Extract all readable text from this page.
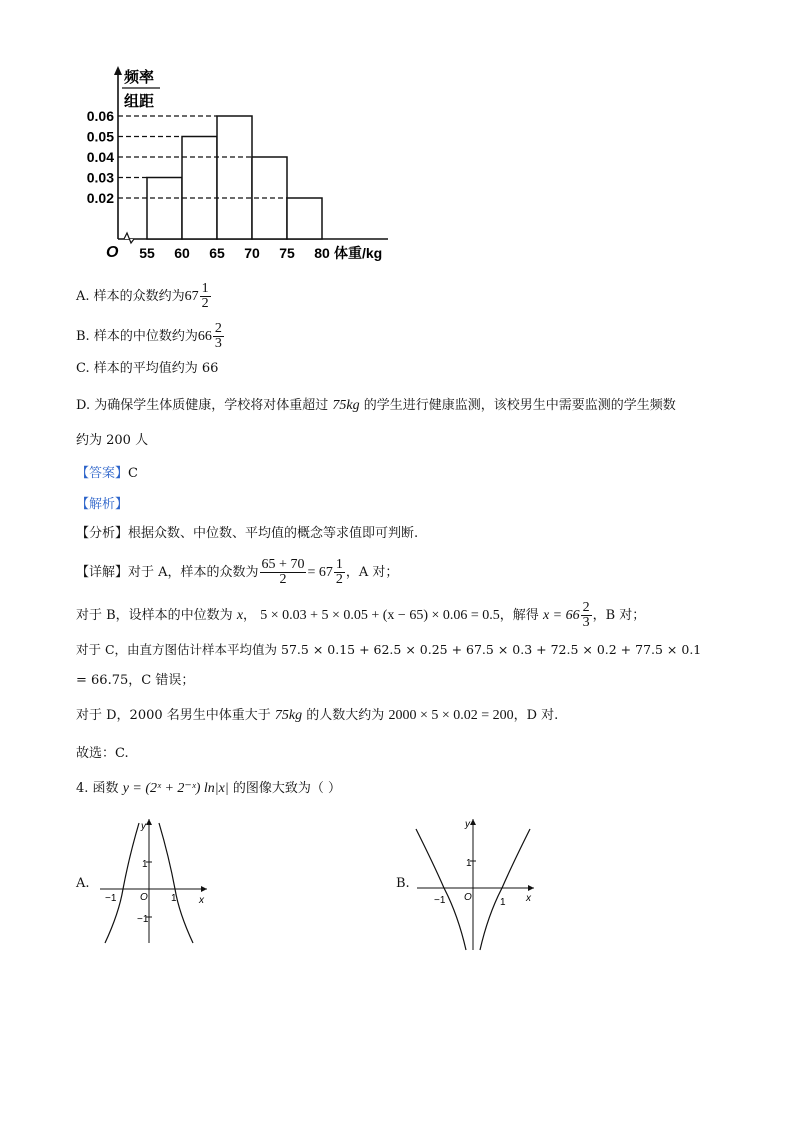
0.06
0.05
0.04
0.03
0.02
55 60 65 70 75 80
O	体重/kg
频率
组距
A. 样本的众数约为$67 \frac{1}{2}$
B. 样本的中位数约为$66 \frac{2}{3}$
C. 样本的平均值约为 66
D. 为确保学生体质健康，学校将对体重超过 75kg 的学生进行健康监测，该校男生中需要监测的学生频数
约为 200 人
【答案】C
【解析】
【分析】根据众数、中位数、平均值的概念等求值即可判断.
【详解】对于 A，样本的众数为 $\frac{65 + 70}{2} = 67 \frac{1}{2}$ ，A 对；
对于 B，设样本的中位数为 x， 5 × 0.03 + 5 × 0.05 + (x − 65) × 0.06 = 0.5，解得 $x = 66 \frac{2}{3}$ ，B 对；
对于 C，由直方图估计样本平均值为 57.5 × 0.15 + 62.5 × 0.25 + 67.5 × 0.3 + 72.5 × 0.2 + 77.5 × 0.1
= 66.75，C 错误；
对于 D，2000 名男生中体重大于 75kg 的人数大约为 2000 × 5 × 0.02 = 200，D 对.
故选：C.
4. 函数 y = (2ˣ + 2⁻ˣ) ln|x| 的图像大致为（ ）
A.
y
x
O
1
−1
−1	1
B.
y
x
O
1
−1	1
